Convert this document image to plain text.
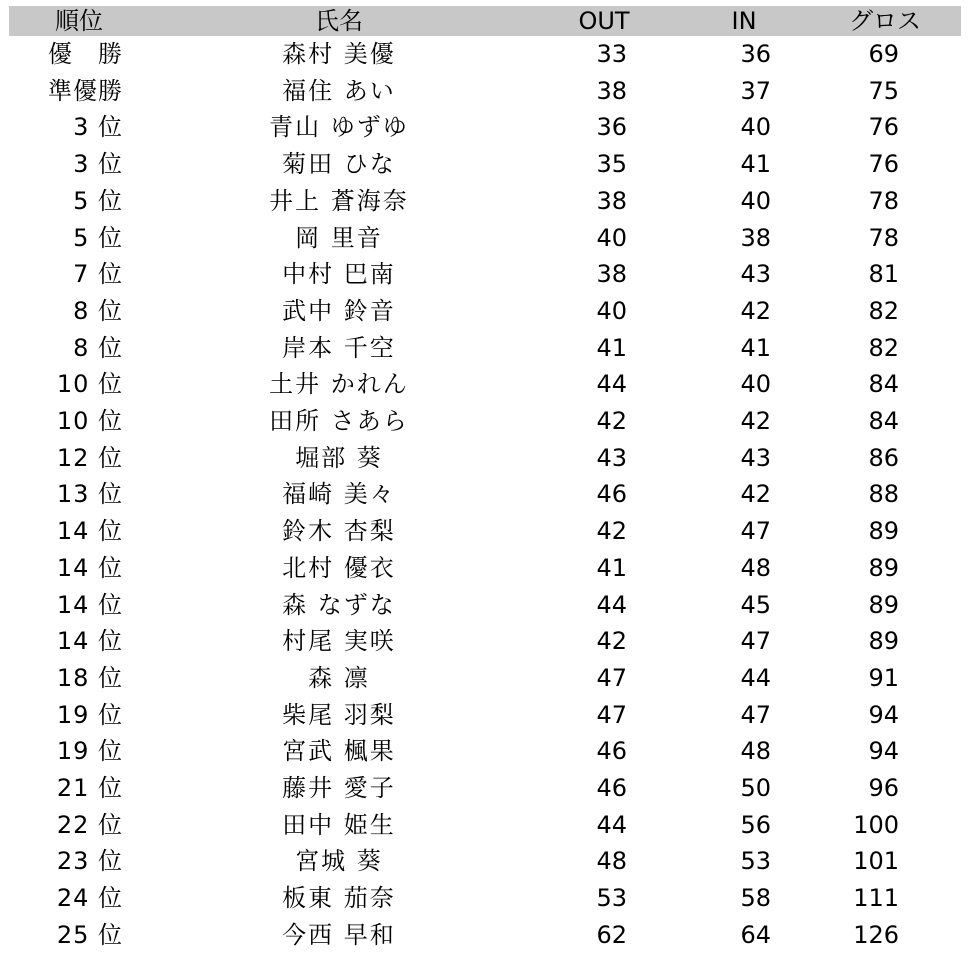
順位	氏名	OUT	IN	グロス
優　勝	森村 美優	33	36	69
準優勝	福住 あい	38	37	75
3 位	青山 ゆずゆ	36	40	76
3 位	菊田 ひな	35	41	76
5 位	井上 蒼海奈	38	40	78
5 位	岡 里音	40	38	78
7 位	中村 巴南	38	43	81
8 位	武中 鈴音	40	42	82
8 位	岸本 千空	41	41	82
10 位	土井 かれん	44	40	84
10 位	田所 さあら	42	42	84
12 位	堀部 葵	43	43	86
13 位	福崎 美々	46	42	88
14 位	鈴木 杏梨	42	47	89
14 位	北村 優衣	41	48	89
14 位	森 なずな	44	45	89
14 位	村尾 実咲	42	47	89
18 位	森 凛	47	44	91
19 位	柴尾 羽梨	47	47	94
19 位	宮武 楓果	46	48	94
21 位	藤井 愛子	46	50	96
22 位	田中 姫生	44	56	100
23 位	宮城 葵	48	53	101
24 位	板東 茄奈	53	58	111
25 位	今西 早和	62	64	126
